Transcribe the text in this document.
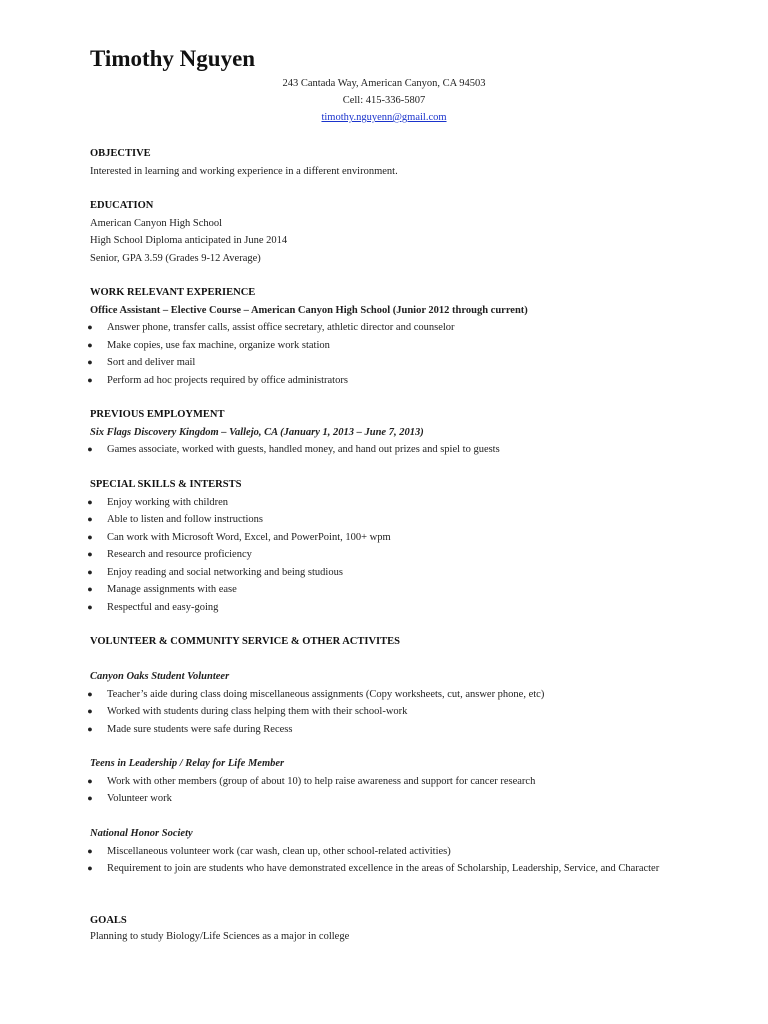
Timothy Nguyen
243 Cantada Way, American Canyon, CA 94503
Cell: 415-336-5807
timothy.nguyenn@gmail.com
OBJECTIVE
Interested in learning and working experience in a different environment.
EDUCATION
American Canyon High School
High School Diploma anticipated in June 2014
Senior, GPA 3.59 (Grades 9-12 Average)
WORK RELEVANT EXPERIENCE
Office Assistant – Elective Course – American Canyon High School (Junior 2012 through current)
● Answer phone, transfer calls, assist office secretary, athletic director and counselor
● Make copies, use fax machine, organize work station
● Sort and deliver mail
● Perform ad hoc projects required by office administrators
PREVIOUS EMPLOYMENT
Six Flags Discovery Kingdom – Vallejo, CA (January 1, 2013 – June 7, 2013)
● Games associate, worked with guests, handled money, and hand out prizes and spiel to guests
SPECIAL SKILLS & INTERSTS
● Enjoy working with children
● Able to listen and follow instructions
● Can work with Microsoft Word, Excel, and PowerPoint, 100+ wpm
● Research and resource proficiency
● Enjoy reading and social networking and being studious
● Manage assignments with ease
● Respectful and easy-going
VOLUNTEER & COMMUNITY SERVICE & OTHER ACTIVITES
Canyon Oaks Student Volunteer
● Teacher’s aide during class doing miscellaneous assignments (Copy worksheets, cut, answer phone, etc)
● Worked with students during class helping them with their school-work
● Made sure students were safe during Recess
Teens in Leadership / Relay for Life Member
● Work with other members (group of about 10) to help raise awareness and support for cancer research
● Volunteer work
National Honor Society
● Miscellaneous volunteer work (car wash, clean up, other school-related activities)
● Requirement to join are students who have demonstrated excellence in the areas of Scholarship, Leadership, Service, and Character
GOALS
Planning to study Biology/Life Sciences as a major in college
